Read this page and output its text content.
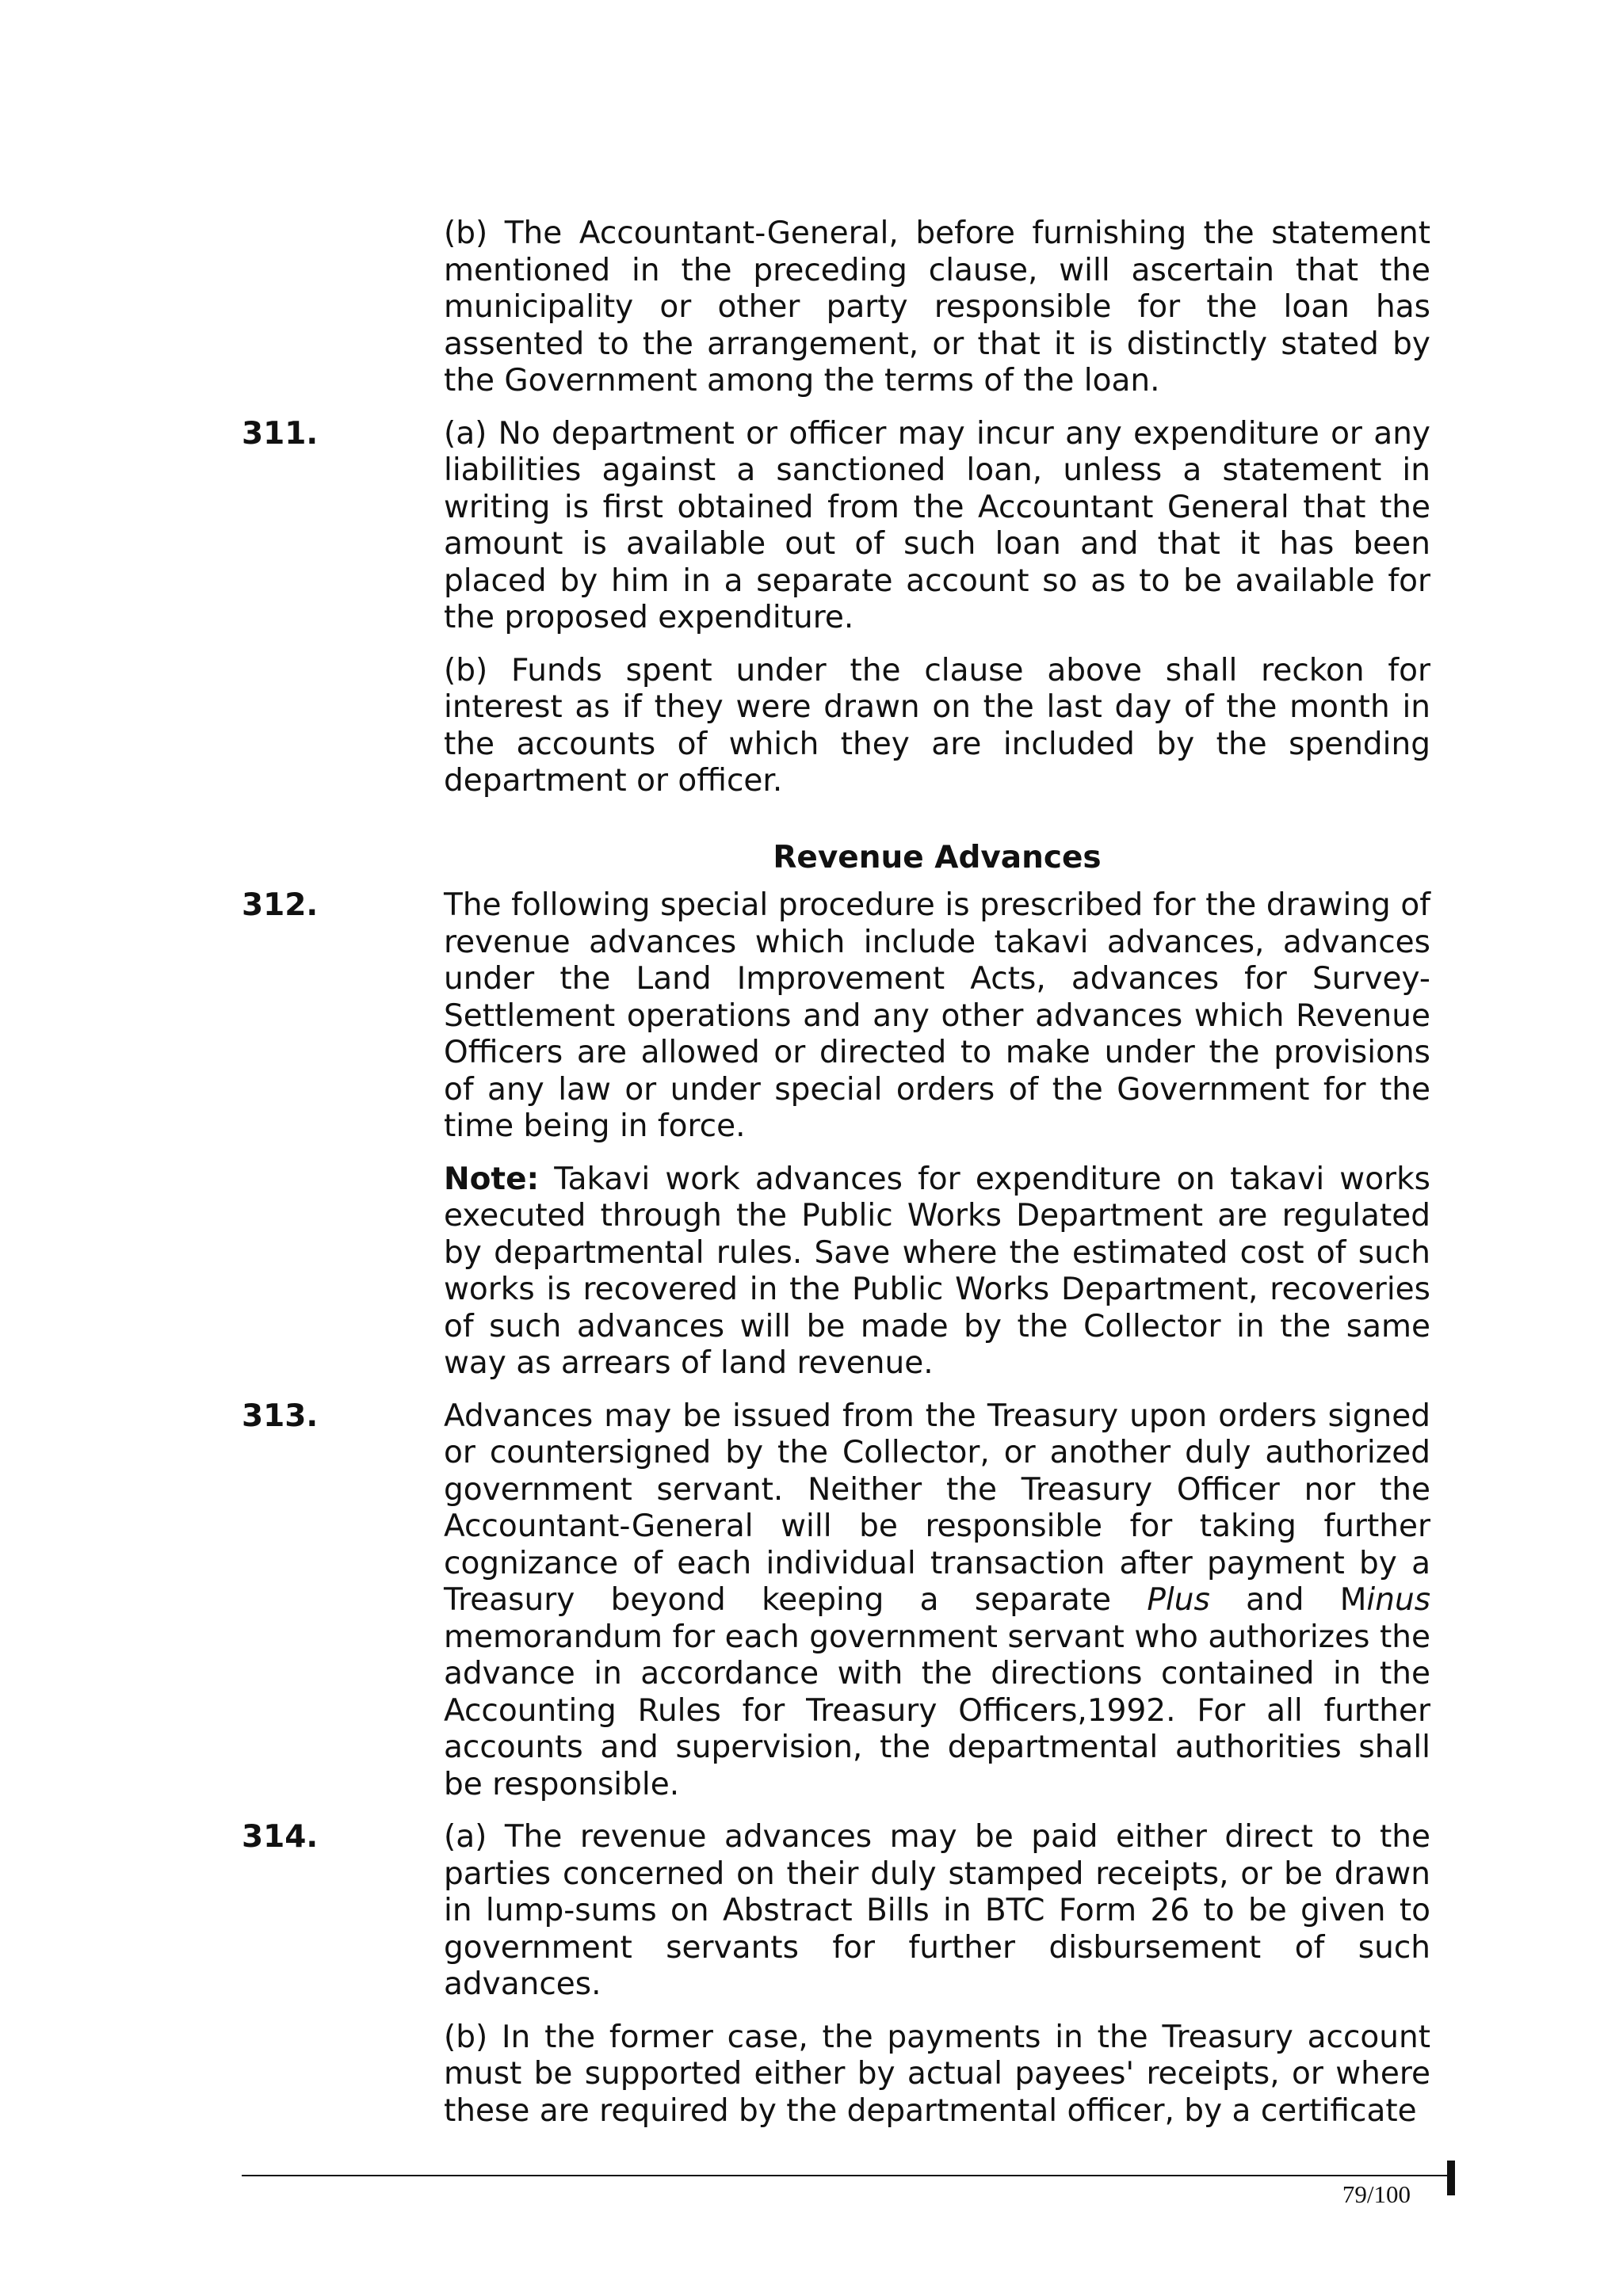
(b) The Accountant-General, before furnishing the statement mentioned in the preceding clause, will ascertain that the municipality or other party responsible for the loan has assented to the arrangement, or that it is distinctly stated by the Government among the terms of the loan.

311.	(a) No department or officer may incur any expenditure or any liabilities against a sanctioned loan, unless a statement in writing is first obtained from the Accountant General that the amount is available out of such loan and that it has been placed by him in a separate account so as to be available for the proposed expenditure.

(b) Funds spent under the clause above shall reckon for interest as if they were drawn on the last day of the month in the accounts of which they are included by the spending department or officer.

Revenue Advances
312.	The following special procedure is prescribed for the drawing of revenue advances which include takavi advances, advances under the Land Improvement Acts, advances for Survey-Settlement operations and any other advances which Revenue Officers are allowed or directed to make under the provisions of any law or under special orders of the Government for the time being in force.

Note: Takavi work advances for expenditure on takavi works executed through the Public Works Department are regulated by departmental rules. Save where the estimated cost of such works is recovered in the Public Works Department, recoveries of such advances will be made by the Collector in the same way as arrears of land revenue.

313.	Advances may be issued from the Treasury upon orders signed or countersigned by the Collector, or another duly authorized government servant. Neither the Treasury Officer nor the Accountant-General will be responsible for taking further cognizance of each individual transaction after payment by a Treasury beyond keeping a separate Plus and Minus memorandum for each government servant who authorizes the advance in accordance with the directions contained in the Accounting Rules for Treasury Officers,1992. For all further accounts and supervision, the departmental authorities shall be responsible.

314.	(a) The revenue advances may be paid either direct to the parties concerned on their duly stamped receipts, or be drawn in lump-sums on Abstract Bills in BTC Form 26 to be given to government servants for further disbursement of such advances.

(b) In the former case, the payments in the Treasury account must be supported either by actual payees' receipts, or where these are required by the departmental officer, by a certificate

79/100
